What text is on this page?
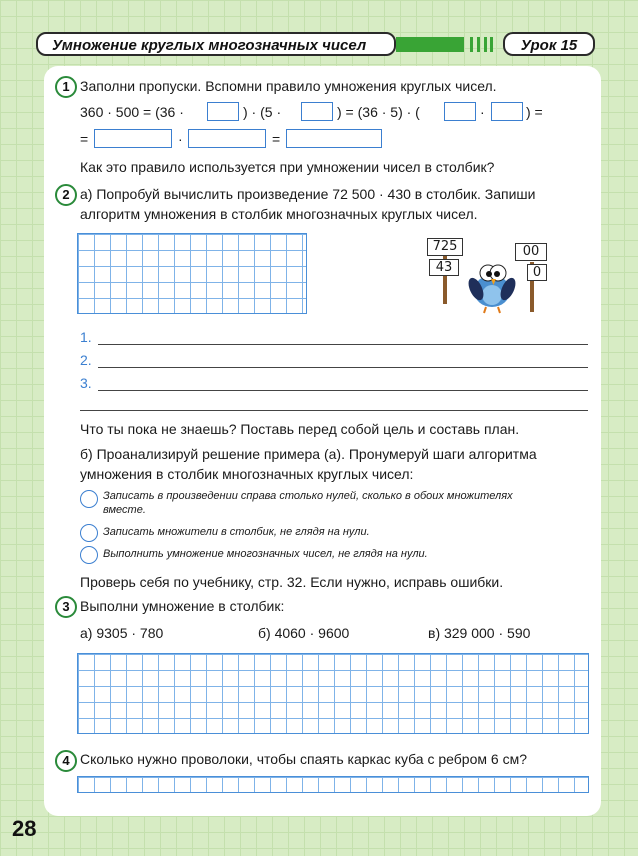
Умножение круглых многозначных чисел	Урок 15
1 Заполни пропуски. Вспомни правило умножения круглых чисел.
360 · 500 = (36 ·	) · (5 ·	) = (36 · 5) · (	·	) =
=	·	=
Как это правило используется при умножении чисел в столбик?
2 а) Попробуй вычислить произведение 72 500 · 430 в столбик. Запиши
алгоритм умножения в столбик многозначных круглых чисел.
725
43
00
0
1.
2.
3.
Что ты пока не знаешь? Поставь перед собой цель и составь план.
б) Проанализируй решение примера (а). Пронумеруй шаги алгоритма
умножения в столбик многозначных круглых чисел:
Записать в произведении справа столько нулей, сколько в обоих множителях
вместе.
Записать множители в столбик, не глядя на нули.
Выполнить умножение многозначных чисел, не глядя на нули.
Проверь себя по учебнику, стр. 32. Если нужно, исправь ошибки.
3 Выполни умножение в столбик:
а) 9305 · 780	б) 4060 · 9600	в) 329 000 · 590
4 Сколько нужно проволоки, чтобы спаять каркас куба с ребром 6 см?
28
